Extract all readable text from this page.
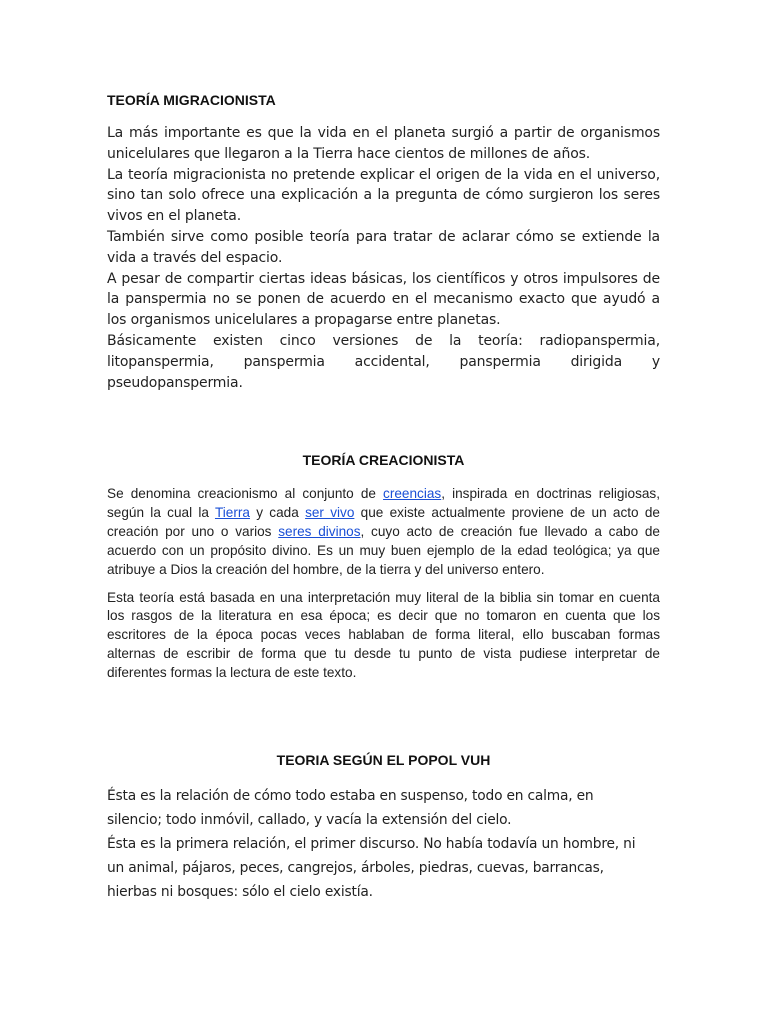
TEORÍA MIGRACIONISTA

La más importante es que la vida en el planeta surgió a partir de organismos unicelulares que llegaron a la Tierra hace cientos de millones de años.

La teoría migracionista no pretende explicar el origen de la vida en el universo, sino tan solo ofrece una explicación a la pregunta de cómo surgieron los seres vivos en el planeta.

También sirve como posible teoría para tratar de aclarar cómo se extiende la vida a través del espacio.

A pesar de compartir ciertas ideas básicas, los científicos y otros impulsores de la panspermia no se ponen de acuerdo en el mecanismo exacto que ayudó a los organismos unicelulares a propagarse entre planetas.

Básicamente existen cinco versiones de la teoría: radiopanspermia, litopanspermia, panspermia accidental, panspermia dirigida y pseudopanspermia.

TEORÍA CREACIONISTA

Se denomina creacionismo al conjunto de creencias, inspirada en doctrinas religiosas, según la cual la Tierra y cada ser vivo que existe actualmente proviene de un acto de creación por uno o varios seres divinos, cuyo acto de creación fue llevado a cabo de acuerdo con un propósito divino. Es un muy buen ejemplo de la edad teológica; ya que atribuye a Dios la creación del hombre, de la tierra y del universo entero.

Esta teoría está basada en una interpretación muy literal de la biblia sin tomar en cuenta los rasgos de la literatura en esa época; es decir que no tomaron en cuenta que los escritores de la época pocas veces hablaban de forma literal, ello buscaban formas alternas de escribir de forma que tu desde tu punto de vista pudiese interpretar de diferentes formas la lectura de este texto.

TEORIA SEGÚN EL POPOL VUH

Ésta es la relación de cómo todo estaba en suspenso, todo en calma, en silencio; todo inmóvil, callado, y vacía la extensión del cielo.

Ésta es la primera relación, el primer discurso. No había todavía un hombre, ni un animal, pájaros, peces, cangrejos, árboles, piedras, cuevas, barrancas, hierbas ni bosques: sólo el cielo existía.
